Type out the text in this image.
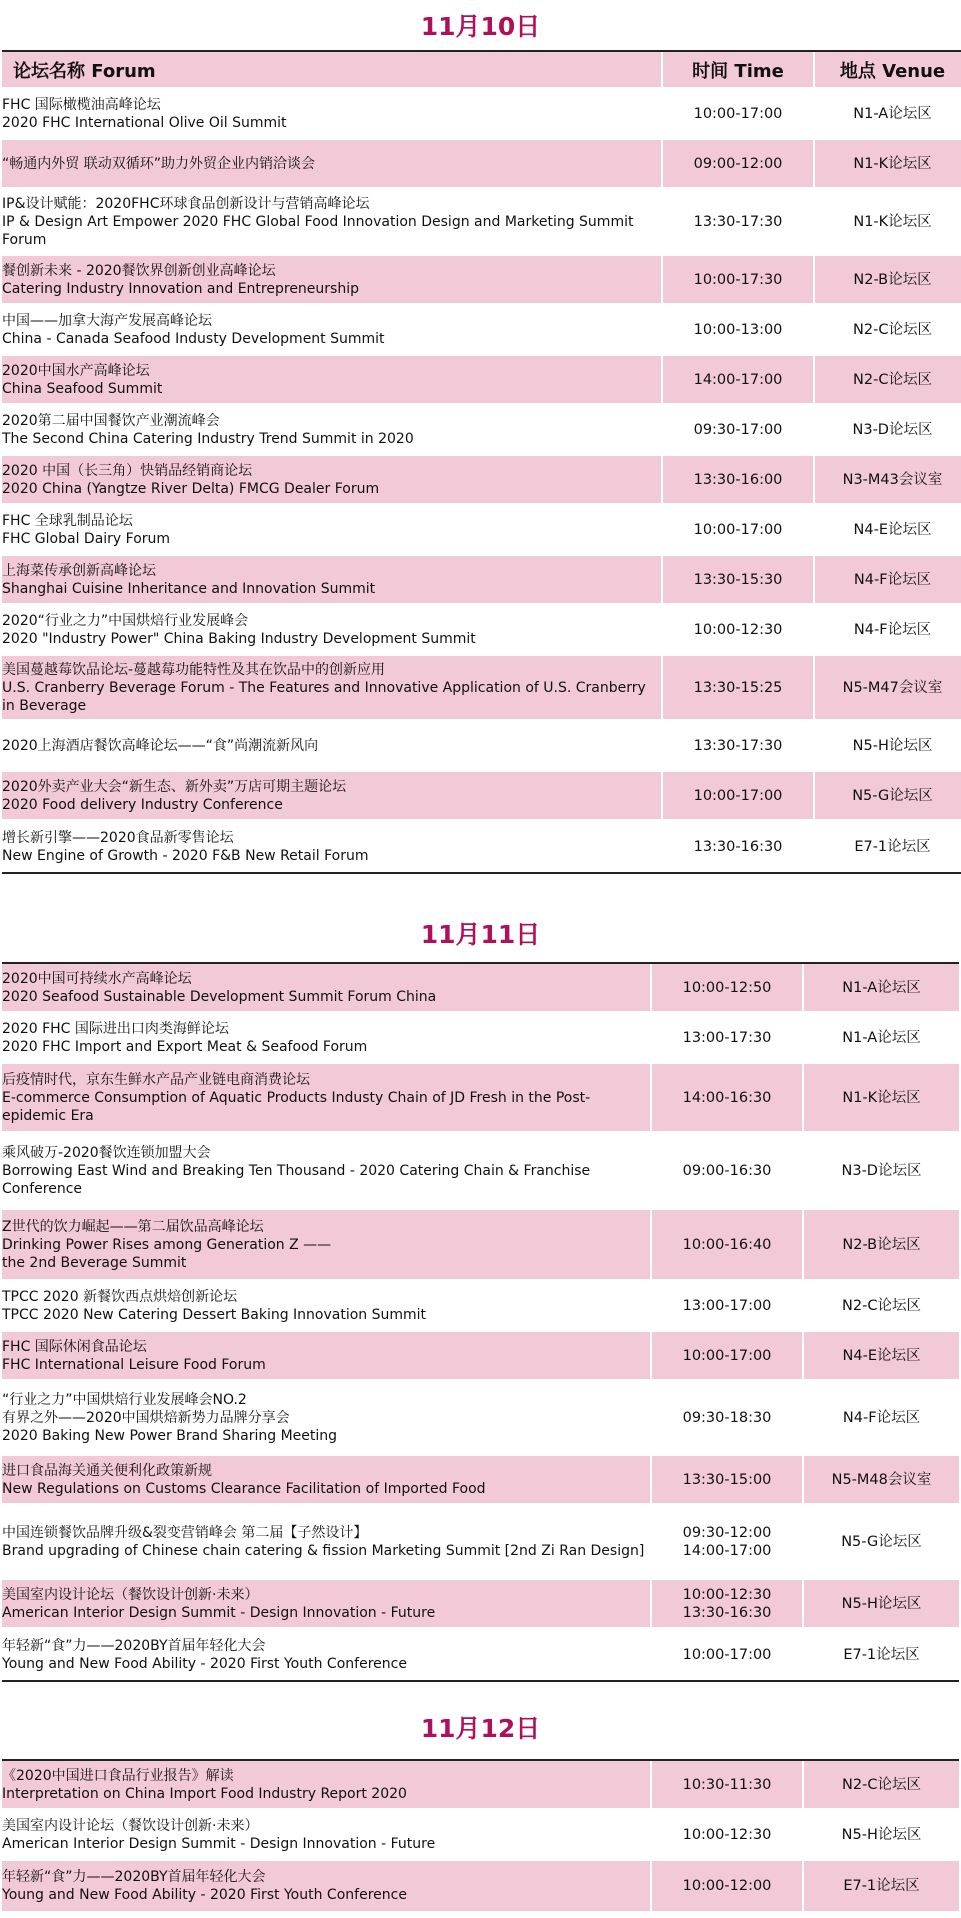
11月10日
论坛名称 Forum	时间 Time	地点 Venue

FHC 国际橄榄油高峰论坛
2020 FHC International Olive Oil Summit	10:00-17:00	N1-A论坛区

“畅通内外贸 联动双循环”助力外贸企业内销洽谈会	09:00-12:00	N1-K论坛区

IP&设计赋能：2020FHC环球食品创新设计与营销高峰论坛
IP & Design Art Empower 2020 FHC Global Food Innovation Design and Marketing Summit
Forum	13:30-17:30	N1-K论坛区

餐创新未来 - 2020餐饮界创新创业高峰论坛
Catering Industry Innovation and Entrepreneurship	10:00-17:30	N2-B论坛区

中国——加拿大海产发展高峰论坛
China - Canada Seafood Industy Development Summit	10:00-13:00	N2-C论坛区

2020中国水产高峰论坛
China Seafood Summit	14:00-17:00	N2-C论坛区

2020第二届中国餐饮产业潮流峰会
The Second China Catering Industry Trend Summit in 2020	09:30-17:00	N3-D论坛区

2020 中国（长三角）快销品经销商论坛
2020 China (Yangtze River Delta) FMCG Dealer Forum	13:30-16:00	N3-M43会议室

FHC 全球乳制品论坛
FHC Global Dairy Forum	10:00-17:00	N4-E论坛区

上海菜传承创新高峰论坛
Shanghai Cuisine Inheritance and Innovation Summit	13:30-15:30	N4-F论坛区

2020“行业之力”中国烘焙行业发展峰会
2020 "Industry Power" China Baking Industry Development Summit	10:00-12:30	N4-F论坛区

美国蔓越莓饮品论坛-蔓越莓功能特性及其在饮品中的创新应用
U.S. Cranberry Beverage Forum - The Features and Innovative Application of U.S. Cranberry
in Beverage	13:30-15:25	N5-M47会议室

2020上海酒店餐饮高峰论坛——“食”尚潮流新风向	13:30-17:30	N5-H论坛区

2020外卖产业大会“新生态、新外卖”万店可期主题论坛
2020 Food delivery Industry Conference	10:00-17:00	N5-G论坛区

增长新引擎——2020食品新零售论坛
New Engine of Growth - 2020 F&B New Retail Forum	13:30-16:30	E7-1论坛区
11月11日
2020中国可持续水产高峰论坛
2020 Seafood Sustainable Development Summit Forum China	10:00-12:50	N1-A论坛区

2020 FHC 国际进出口肉类海鲜论坛
2020 FHC Import and Export Meat & Seafood Forum	13:00-17:30	N1-A论坛区

后疫情时代，京东生鲜水产品产业链电商消费论坛
E-commerce Consumption of Aquatic Products Industy Chain of JD Fresh in the Post-
epidemic Era	14:00-16:30	N1-K论坛区

乘风破万-2020餐饮连锁加盟大会
Borrowing East Wind and Breaking Ten Thousand - 2020 Catering Chain & Franchise
Conference	09:00-16:30	N3-D论坛区

Z世代的饮力崛起——第二届饮品高峰论坛
Drinking Power Rises among Generation Z ——
the 2nd Beverage Summit	10:00-16:40	N2-B论坛区

TPCC 2020 新餐饮西点烘焙创新论坛
TPCC 2020 New Catering Dessert Baking Innovation Summit	13:00-17:00	N2-C论坛区

FHC 国际休闲食品论坛
FHC International Leisure Food Forum	10:00-17:00	N4-E论坛区

“行业之力”中国烘焙行业发展峰会NO.2
有界之外——2020中国烘焙新势力品牌分享会
2020 Baking New Power Brand Sharing Meeting	09:30-18:30	N4-F论坛区

进口食品海关通关便利化政策新规
New Regulations on Customs Clearance Facilitation of Imported Food	13:30-15:00	N5-M48会议室

中国连锁餐饮品牌升级&裂变营销峰会 第二届【子然设计】
Brand upgrading of Chinese chain catering & fission Marketing Summit [2nd Zi Ran Design]	09:30-12:00
14:00-17:00	N5-G论坛区

美国室内设计论坛（餐饮设计创新·未来）
American Interior Design Summit - Design Innovation - Future	10:00-12:30
13:30-16:30	N5-H论坛区

年轻新“食”力——2020BY首届年轻化大会
Young and New Food Ability - 2020 First Youth Conference	10:00-17:00	E7-1论坛区
11月12日
《2020中国进口食品行业报告》解读
Interpretation on China Import Food Industry Report 2020	10:30-11:30	N2-C论坛区

美国室内设计论坛（餐饮设计创新·未来）
American Interior Design Summit - Design Innovation - Future	10:00-12:30	N5-H论坛区

年轻新“食”力——2020BY首届年轻化大会
Young and New Food Ability - 2020 First Youth Conference	10:00-12:00	E7-1论坛区
